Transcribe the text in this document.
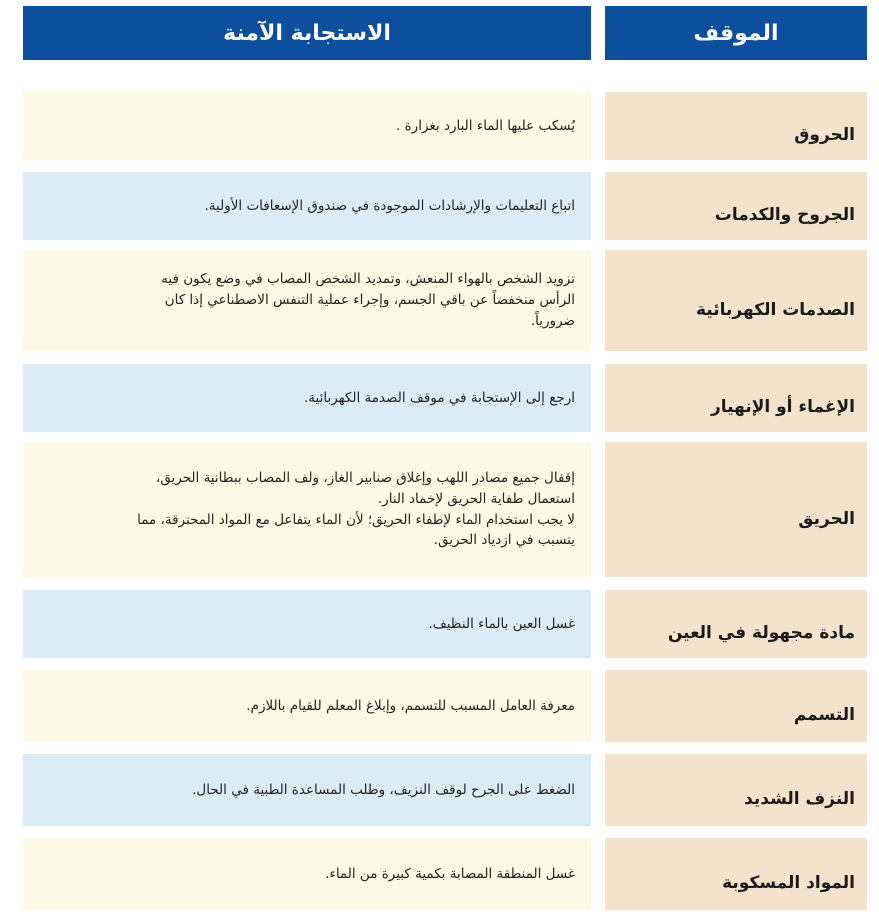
الموقف
الاستجابة الآمنة
الحروق
يُسكب عليها الماء البارد بغزارة .
الجروح والكدمات
اتباع التعليمات والإرشادات الموجودة في صندوق الإسعافات الأولية.
الصدمات الكهربائية
تزويد الشخص بالهواء المنعش، وتمديد الشخص المصاب في وضع يكون فيه
الرأس منخفضاً عن باقي الجسم، وإجراء عملية التنفس الاصطناعي إذا كان
ضرورياً.
الإغماء أو الإنهيار
ارجع إلى الإستجابة في موقف الصدمة الكهربائية.
الحريق
إقفال جميع مصادر اللهب وإغلاق صنابير الغاز، ولف المصاب ببطانية الحريق،
استعمال طفاية الحريق لإخماد النار.
لا يجب استخدام الماء لإطفاء الحريق؛ لأن الماء يتفاعل مع المواد المحترقة، مما
يتسبب في ازدياد الحريق.
مادة مجهولة في العين
غسل العين بالماء النظيف.
التسمم
معرفة العامل المسبب للتسمم، وإبلاغ المعلم للقيام باللازم.
النزف الشديد
الضغط على الجرح لوقف النزيف، وطلب المساعدة الطبية في الحال.
المواد المسكوبة
غسل المنطقة المصابة بكمية كبيرة من الماء.
